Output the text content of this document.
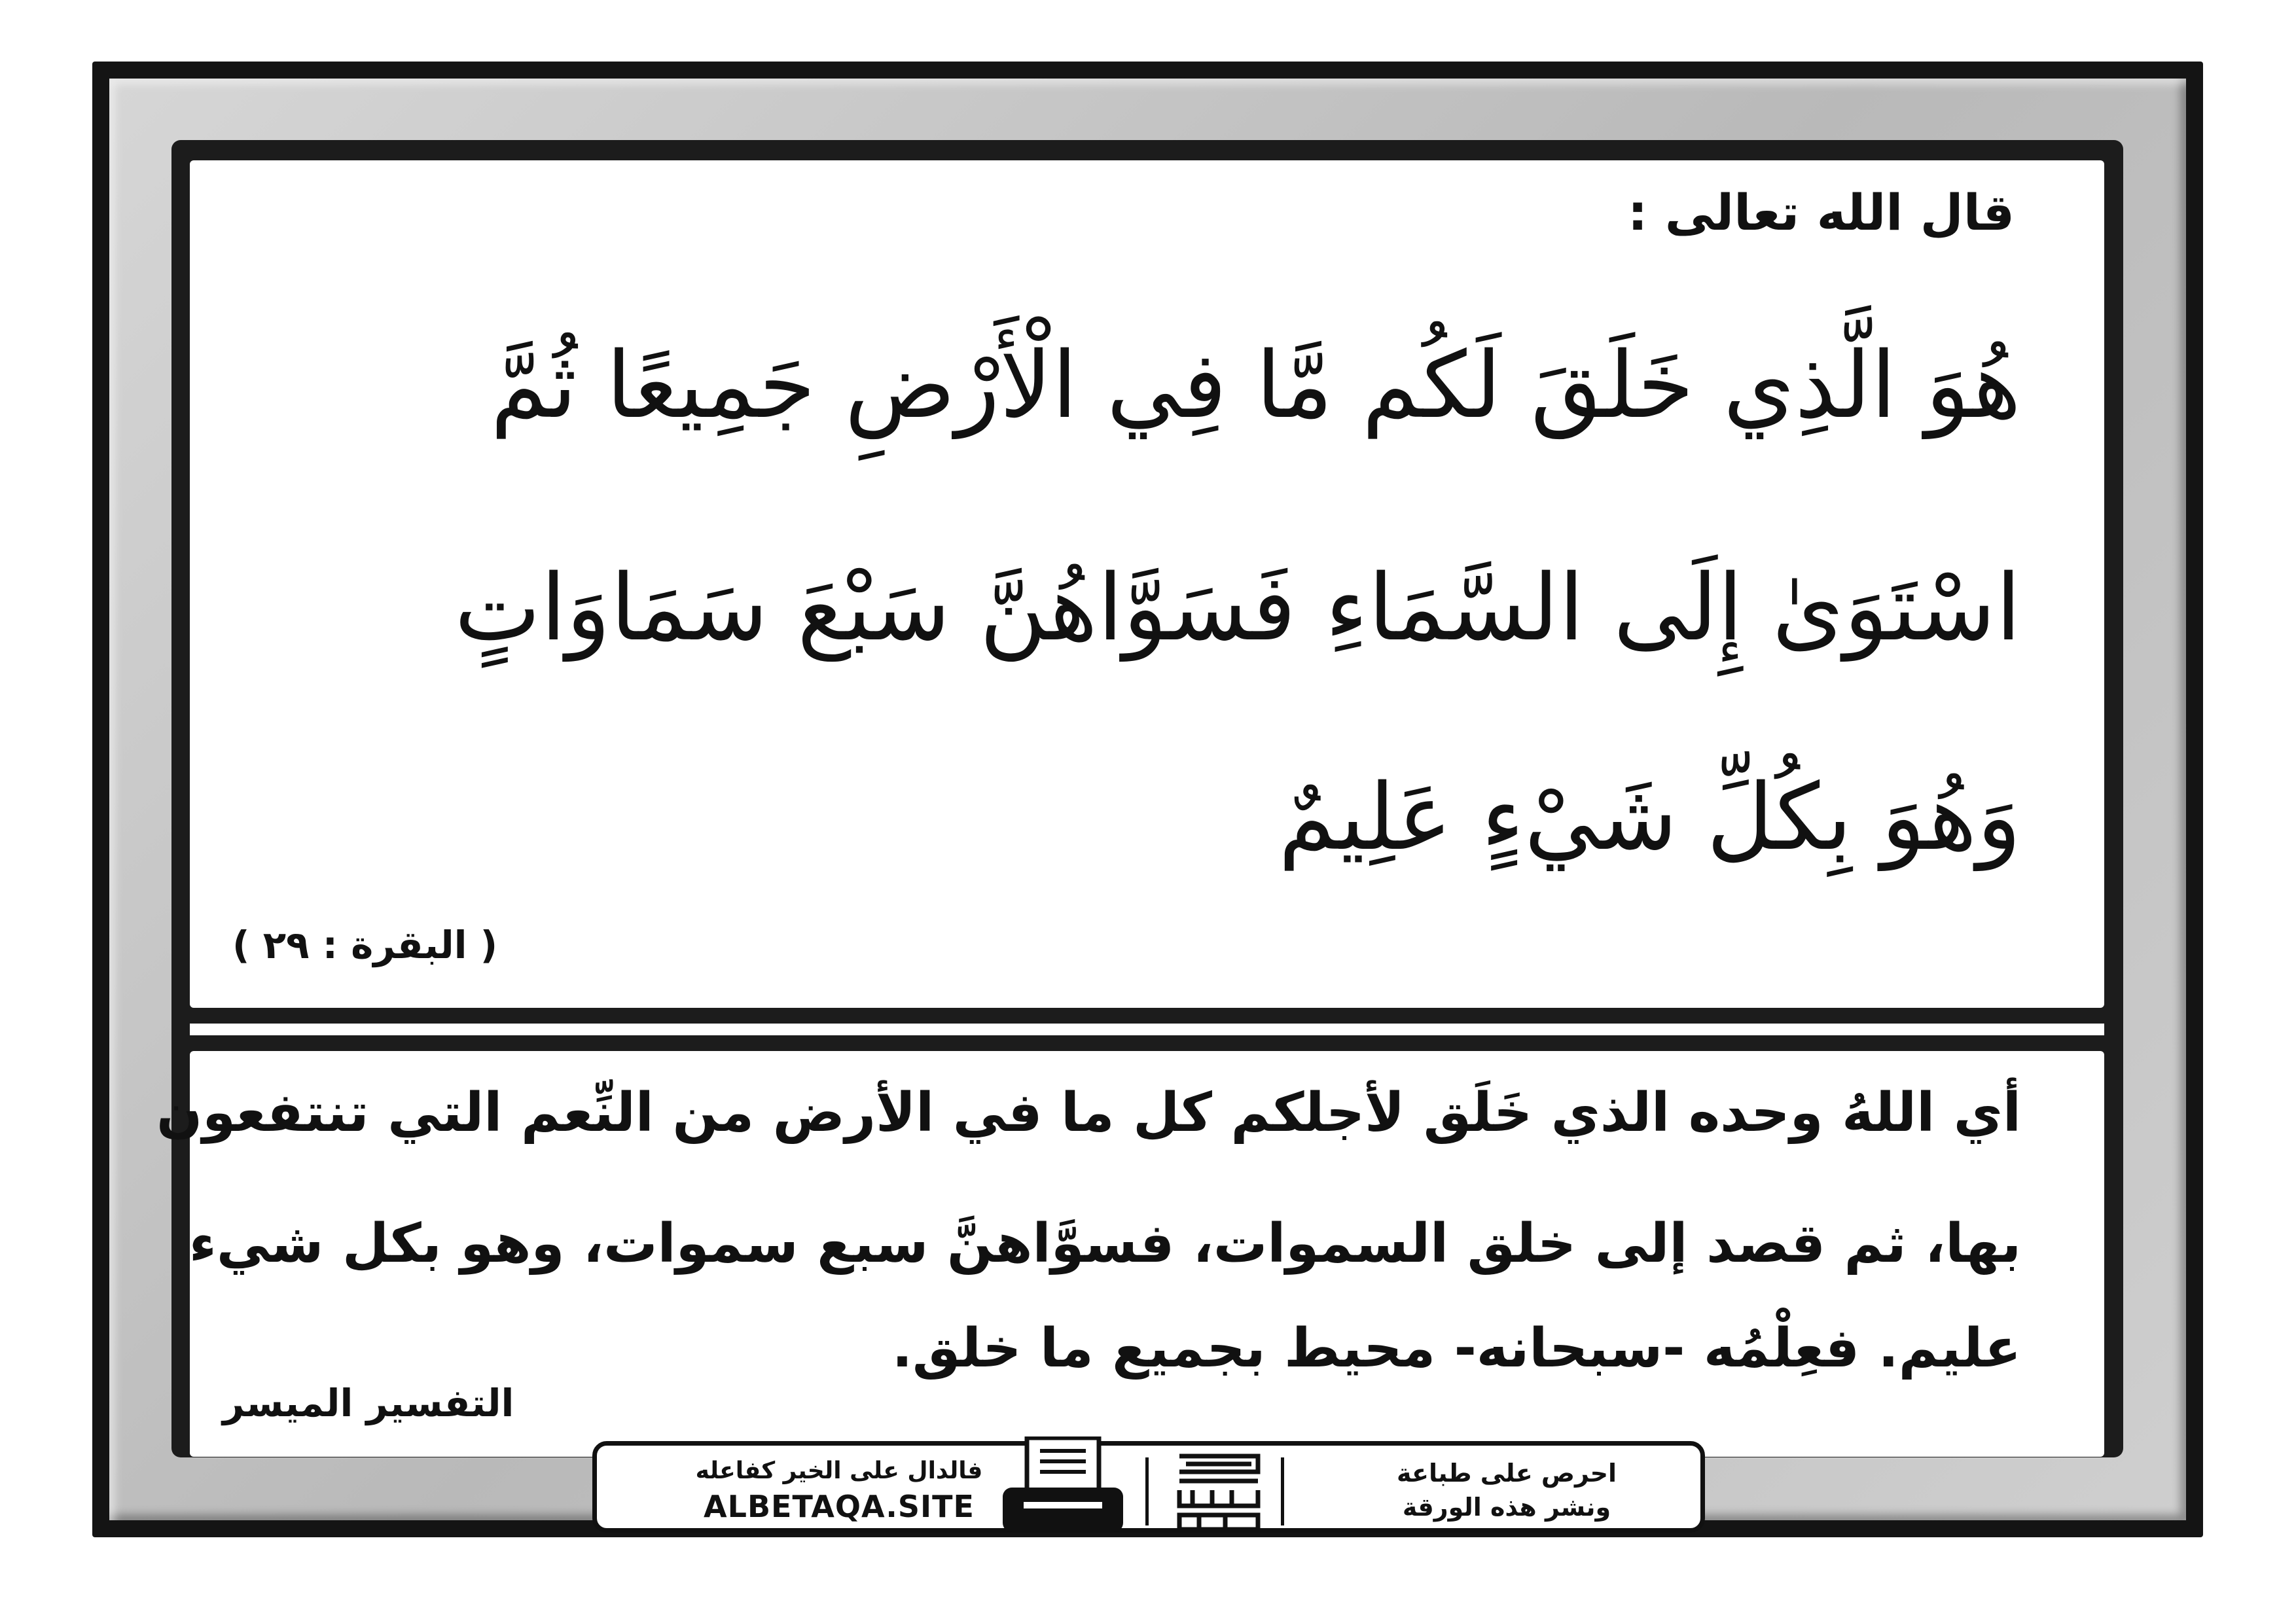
قال الله تعالى :

هُوَ الَّذِي خَلَقَ لَكُم مَّا فِي الْأَرْضِ جَمِيعًا ثُمَّ

اسْتَوَىٰ إِلَى السَّمَاءِ فَسَوَّاهُنَّ سَبْعَ سَمَاوَاتٍ

وَهُوَ بِكُلِّ شَيْءٍ عَلِيمٌ

( البقرة : ٢٩ )

أي اللهُ وحده الذي خَلَق لأجلكم كل ما في الأرض من النِّعم التي تنتفعون

بها، ثم قصد إلى خلق السموات، فسوَّاهنَّ سبع سموات، وهو بكل شيء

عليم. فعِلْمُه -سبحانه- محيط بجميع ما خلق.

التفسير الميسر

فالدال على الخير كفاعله

ALBETAQA.SITE

احرص على طباعة

ونشر هذه الورقة
